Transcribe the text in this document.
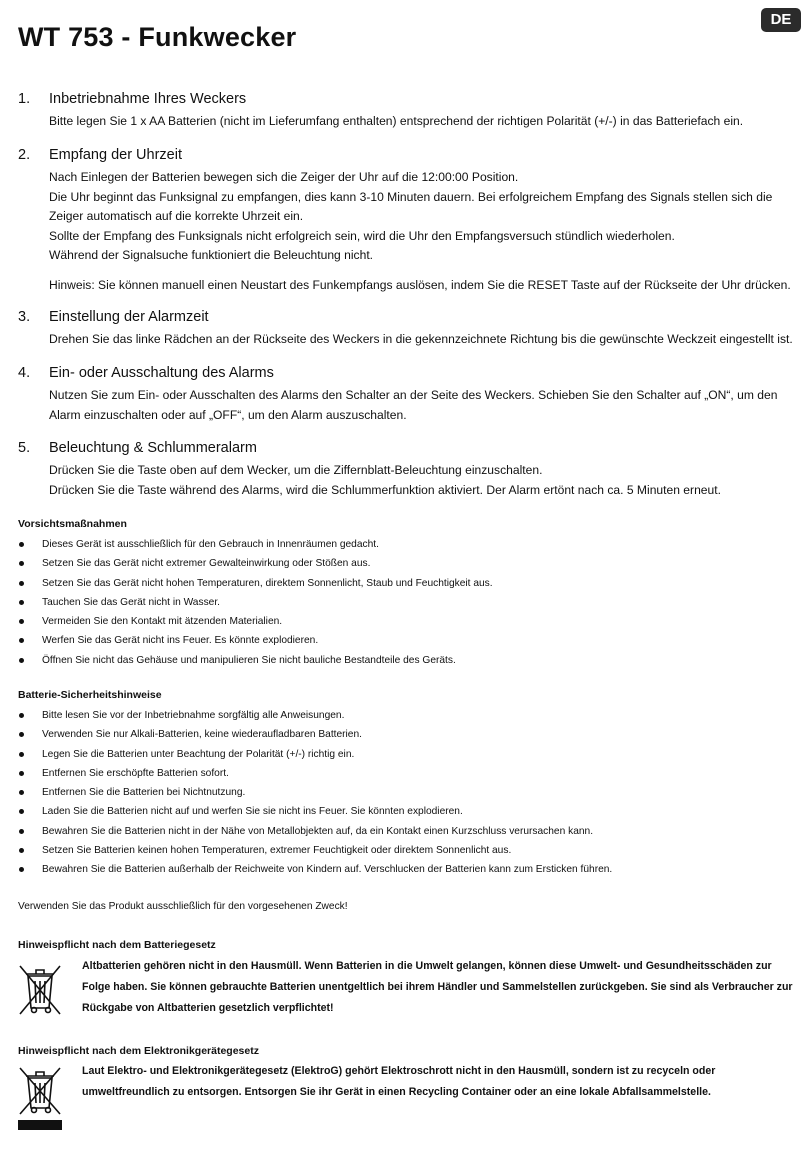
WT 753 - Funkwecker
DE
1. Inbetriebnahme Ihres Weckers

Bitte legen Sie 1 x AA Batterien (nicht im Lieferumfang enthalten) entsprechend der richtigen Polarität (+/-) in das Batteriefach ein.

2. Empfang der Uhrzeit

Nach Einlegen der Batterien bewegen sich die Zeiger der Uhr auf die 12:00:00 Position.

Die Uhr beginnt das Funksignal zu empfangen, dies kann 3-10 Minuten dauern. Bei erfolgreichem Empfang des Signals stellen sich die Zeiger automatisch auf die korrekte Uhrzeit ein.

Sollte der Empfang des Funksignals nicht erfolgreich sein, wird die Uhr den Empfangsversuch stündlich wiederholen.

Während der Signalsuche funktioniert die Beleuchtung nicht.

Hinweis: Sie können manuell einen Neustart des Funkempfangs auslösen, indem Sie die RESET Taste auf der Rückseite der Uhr drücken.

3. Einstellung der Alarmzeit

Drehen Sie das linke Rädchen an der Rückseite des Weckers in die gekennzeichnete Richtung bis die gewünschte Weckzeit eingestellt ist.

4. Ein- oder Ausschaltung des Alarms

Nutzen Sie zum Ein- oder Ausschalten des Alarms den Schalter an der Seite des Weckers. Schieben Sie den Schalter auf „ON“, um den Alarm einzuschalten oder auf „OFF“, um den Alarm auszuschalten.

5. Beleuchtung & Schlummeralarm

Drücken Sie die Taste oben auf dem Wecker, um die Ziffernblatt-Beleuchtung einzuschalten.

Drücken Sie die Taste während des Alarms, wird die Schlummerfunktion aktiviert. Der Alarm ertönt nach ca. 5 Minuten erneut.

Vorsichtsmaßnahmen
Dieses Gerät ist ausschließlich für den Gebrauch in Innenräumen gedacht.
Setzen Sie das Gerät nicht extremer Gewalteinwirkung oder Stößen aus.
Setzen Sie das Gerät nicht hohen Temperaturen, direktem Sonnenlicht, Staub und Feuchtigkeit aus.
Tauchen Sie das Gerät nicht in Wasser.
Vermeiden Sie den Kontakt mit ätzenden Materialien.
Werfen Sie das Gerät nicht ins Feuer. Es könnte explodieren.
Öffnen Sie nicht das Gehäuse und manipulieren Sie nicht bauliche Bestandteile des Geräts.
Batterie-Sicherheitshinweise
Bitte lesen Sie vor der Inbetriebnahme sorgfältig alle Anweisungen.
Verwenden Sie nur Alkali-Batterien, keine wiederaufladbaren Batterien.
Legen Sie die Batterien unter Beachtung der Polarität (+/-) richtig ein.
Entfernen Sie erschöpfte Batterien sofort.
Entfernen Sie die Batterien bei Nichtnutzung.
Laden Sie die Batterien nicht auf und werfen Sie sie nicht ins Feuer. Sie könnten explodieren.
Bewahren Sie die Batterien nicht in der Nähe von Metallobjekten auf, da ein Kontakt einen Kurzschluss verursachen kann.
Setzen Sie Batterien keinen hohen Temperaturen, extremer Feuchtigkeit oder direktem Sonnenlicht aus.
Bewahren Sie die Batterien außerhalb der Reichweite von Kindern auf. Verschlucken der Batterien kann zum Ersticken führen.
Verwenden Sie das Produkt ausschließlich für den vorgesehenen Zweck!
Hinweispflicht nach dem Batteriegesetz
Altbatterien gehören nicht in den Hausmüll. Wenn Batterien in die Umwelt gelangen, können diese Umwelt- und Gesundheitsschäden zur Folge haben. Sie können gebrauchte Batterien unentgeltlich bei ihrem Händler und Sammelstellen zurückgeben. Sie sind als Verbraucher zur Rückgabe von Altbatterien gesetzlich verpflichtet!
Hinweispflicht nach dem Elektronikgerätegesetz
Laut Elektro- und Elektronikgerätegesetz (ElektroG) gehört Elektroschrott nicht in den Hausmüll, sondern ist zu recyceln oder umweltfreundlich zu entsorgen. Entsorgen Sie ihr Gerät in einen Recycling Container oder an eine lokale Abfallsammelstelle.
